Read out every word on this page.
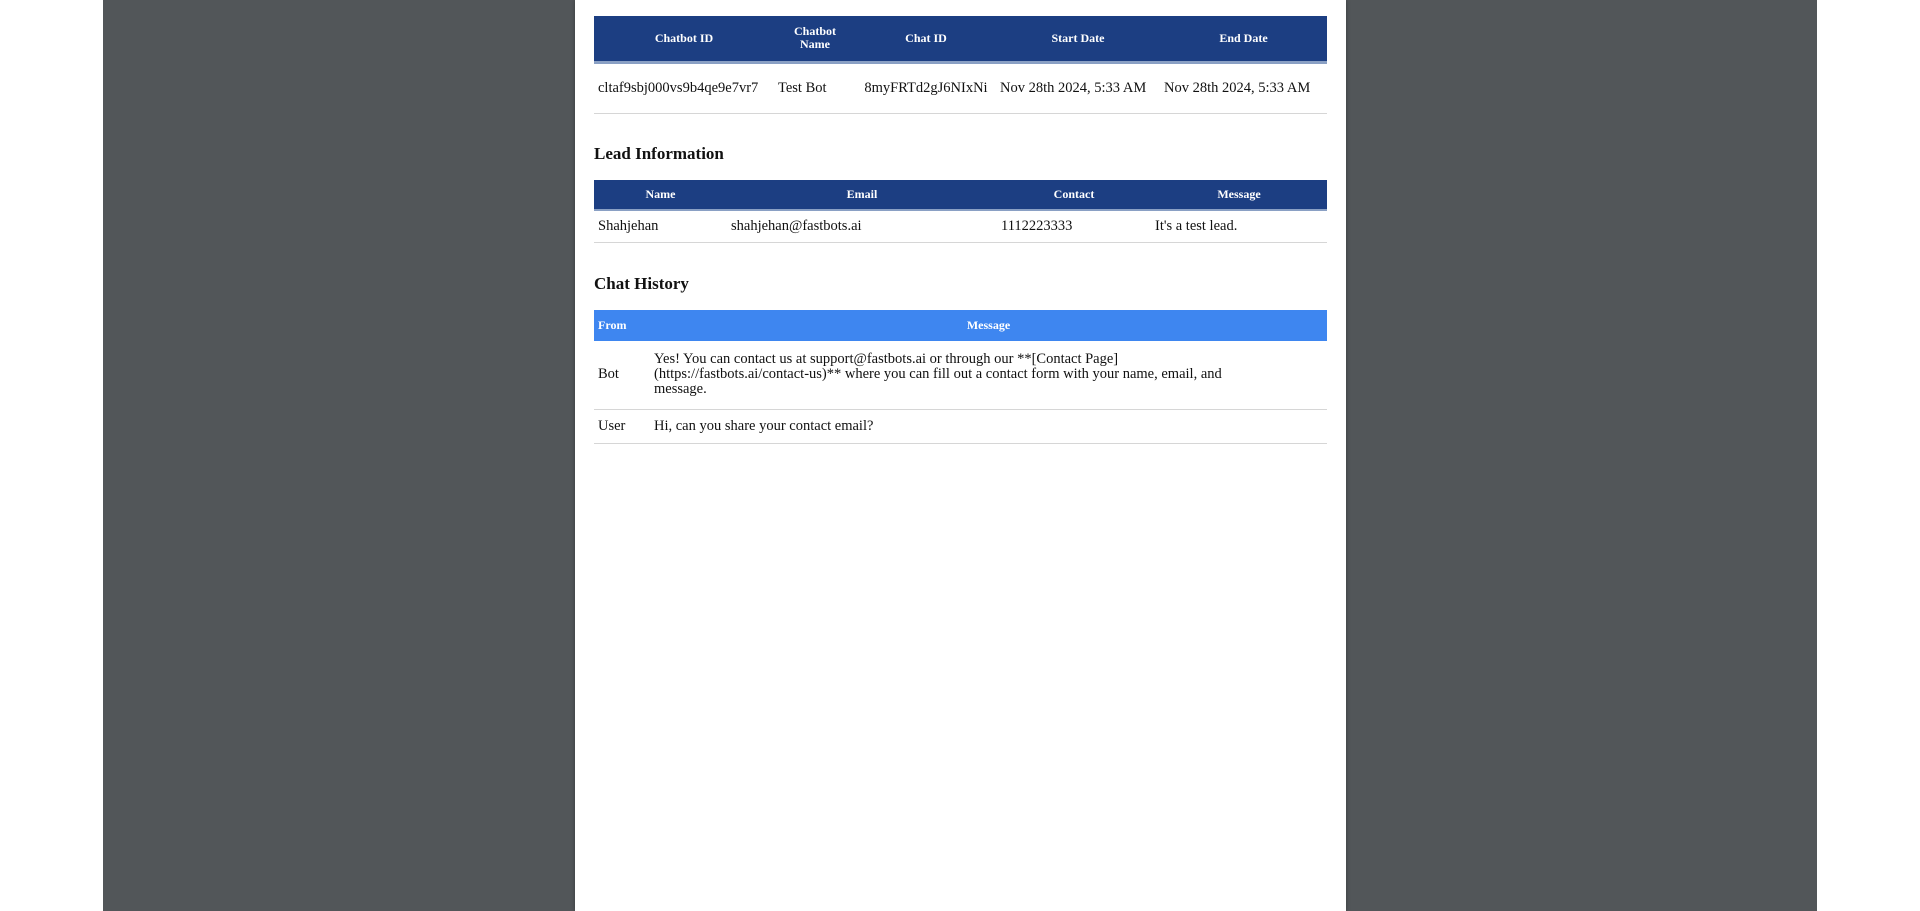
Chatbot ID	Chatbot Name	Chat ID	Start Date	End Date
cltaf9sbj000vs9b4qe9e7vr7	Test Bot	8myFRTd2gJ6NIxNi	Nov 28th 2024, 5:33 AM	Nov 28th 2024, 5:33 AM
Lead Information
Name	Email	Contact	Message
Shahjehan	shahjehan@fastbots.ai	1112223333	It's a test lead.
Chat History
From	Message
Bot	Yes! You can contact us at support@fastbots.ai or through our **[Contact Page](https://fastbots.ai/contact-us)** where you can fill out a contact form with your name, email, and message.
User	Hi, can you share your contact email?
